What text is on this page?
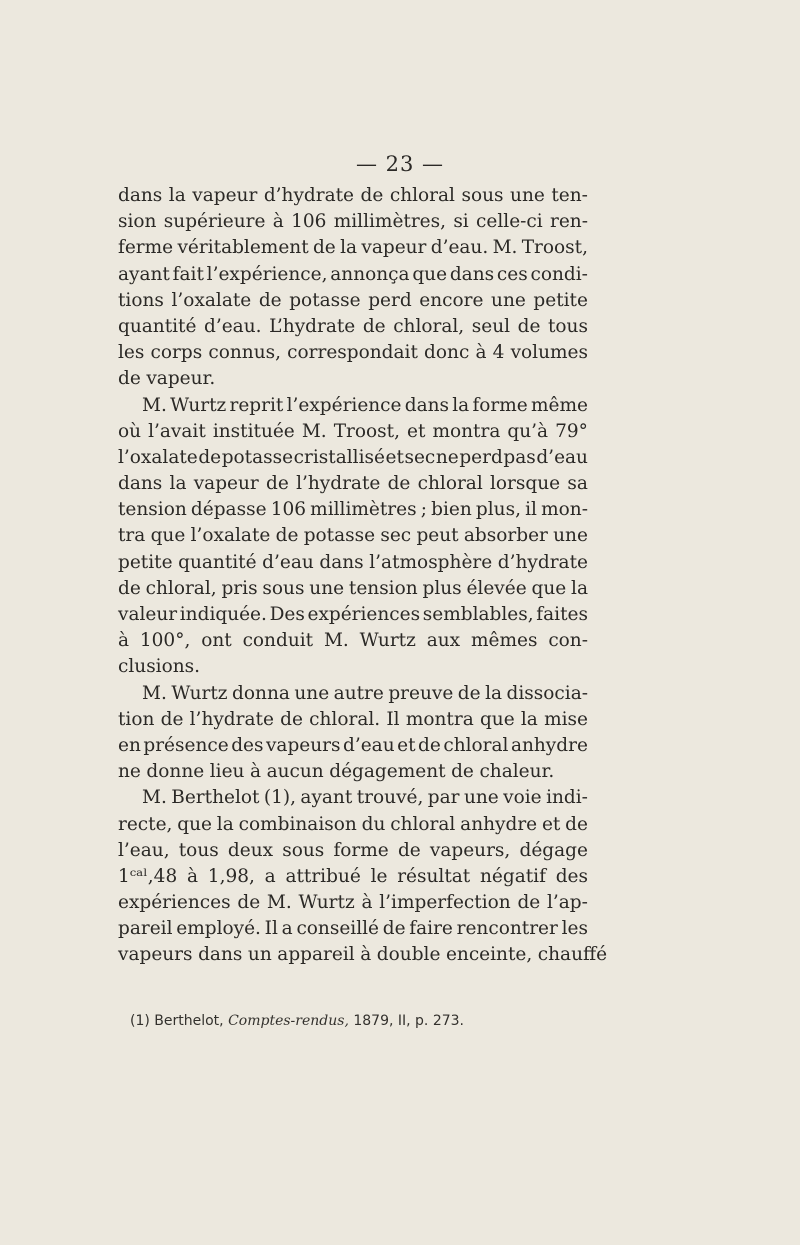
— 23 —
dans la vapeur d’hydrate de chloral sous une ten-
sion supérieure à 106 millimètres, si celle-ci ren-
ferme véritablement de la vapeur d’eau. M. Troost,
ayant fait l’expérience, annonça que dans ces condi-
tions l’oxalate de potasse perd encore une petite
quantité d’eau. L’hydrate de chloral, seul de tous
les corps connus, correspondait donc à 4 volumes
de vapeur.
M. Wurtz reprit l’expérience dans la forme même
où l’avait instituée M. Troost, et montra qu’à 79°
l’oxalate de potasse cristallisé et sec ne perd pas d’eau
dans la vapeur de l’hydrate de chloral lorsque sa
tension dépasse 106 millimètres ; bien plus, il mon-
tra que l’oxalate de potasse sec peut absorber une
petite quantité d’eau dans l’atmosphère d’hydrate
de chloral, pris sous une tension plus élevée que la
valeur indiquée. Des expériences semblables, faites
à 100°, ont conduit M. Wurtz aux mêmes con-
clusions.
M. Wurtz donna une autre preuve de la dissocia-
tion de l’hydrate de chloral. Il montra que la mise
en présence des vapeurs d’eau et de chloral anhydre
ne donne lieu à aucun dégagement de chaleur.
M. Berthelot (1), ayant trouvé, par une voie indi-
recte, que la combinaison du chloral anhydre et de
l’eau, tous deux sous forme de vapeurs, dégage
1ᶜᵃˡ,48 à 1,98, a attribué le résultat négatif des
expériences de M. Wurtz à l’imperfection de l’ap-
pareil employé. Il a conseillé de faire rencontrer les
vapeurs dans un appareil à double enceinte, chauffé
(1) Berthelot, Comptes-rendus, 1879, II, p. 273.
